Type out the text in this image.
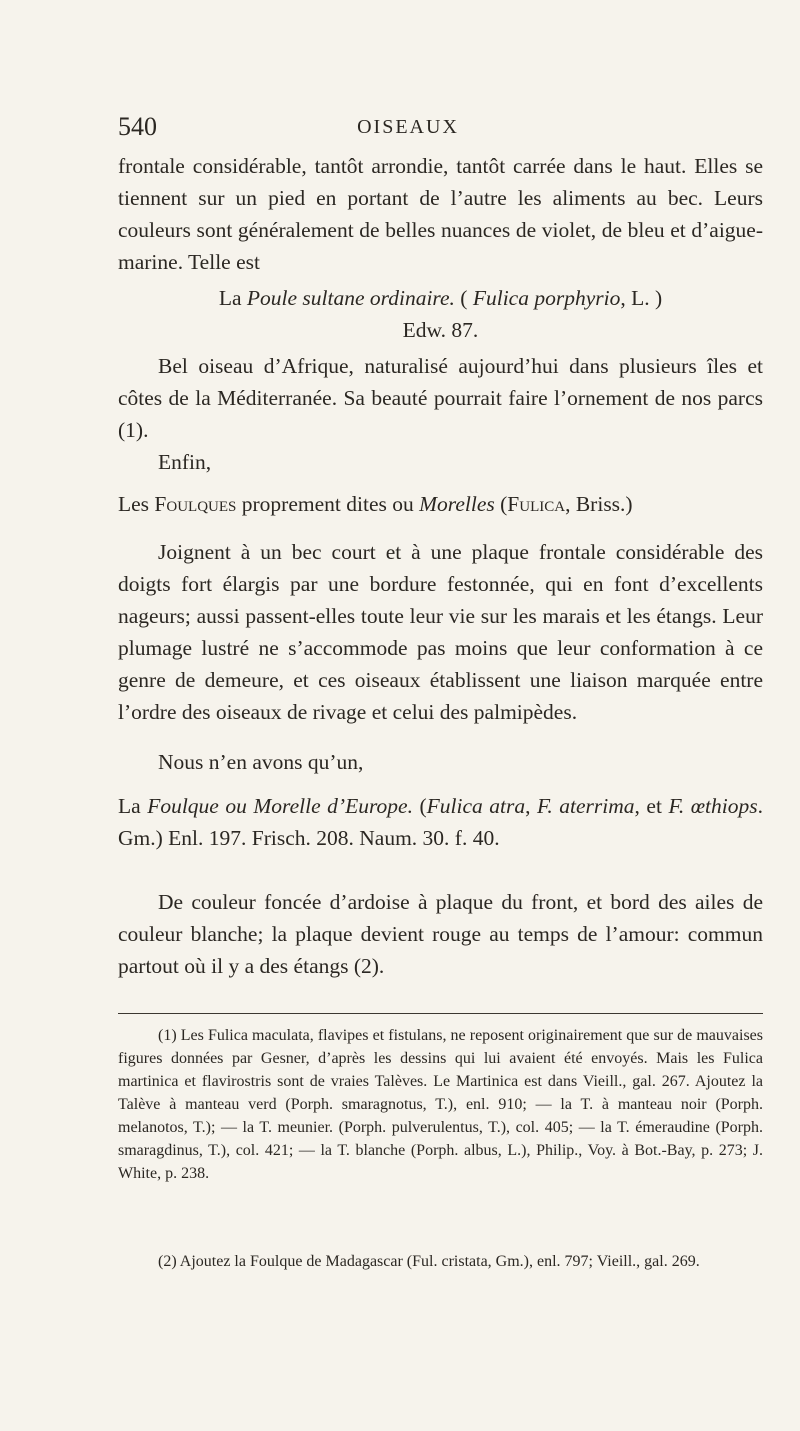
540	OISEAUX

frontale considérable, tantôt arrondie, tantôt carrée dans le haut. Elles se tiennent sur un pied en portant de l’autre les aliments au bec. Leurs couleurs sont généralement de belles nuances de violet, de bleu et d’aigue-marine. Telle est

La Poule sultane ordinaire. ( Fulica porphyrio, L. )
Edw. 87.

Bel oiseau d’Afrique, naturalisé aujourd’hui dans plusieurs îles et côtes de la Méditerranée. Sa beauté pourrait faire l’ornement de nos parcs (1).

Enfin,

Les Foulques proprement dites ou Morelles (Fulica, Briss.)

Joignent à un bec court et à une plaque frontale considérable des doigts fort élargis par une bordure festonnée, qui en font d’excellents nageurs; aussi passent-elles toute leur vie sur les marais et les étangs. Leur plumage lustré ne s’accommode pas moins que leur conformation à ce genre de demeure, et ces oiseaux établissent une liaison marquée entre l’ordre des oiseaux de rivage et celui des palmipèdes.

Nous n’en avons qu’un,

La Foulque ou Morelle d’Europe. (Fulica atra, F. aterrima, et F. œthiops. Gm.) Enl. 197. Frisch. 208. Naum. 30. f. 40.

De couleur foncée d’ardoise à plaque du front, et bord des ailes de couleur blanche; la plaque devient rouge au temps de l’amour: commun partout où il y a des étangs (2).

(1) Les Fulica maculata, flavipes et fistulans, ne reposent originairement que sur de mauvaises figures données par Gesner, d’après les dessins qui lui avaient été envoyés. Mais les Fulica martinica et flavirostris sont de vraies Talèves. Le Martinica est dans Vieill., gal. 267. Ajoutez la Talève à manteau verd (Porph. smaragnotus, T.), enl. 910; — la T. à manteau noir (Porph. melanotos, T.); — la T. meunier. (Porph. pulverulentus, T.), col. 405; — la T. émeraudine (Porph. smaragdinus, T.), col. 421; — la T. blanche (Porph. albus, L.), Philip., Voy. à Bot.-Bay, p. 273; J. White, p. 238.

(2) Ajoutez la Foulque de Madagascar (Ful. cristata, Gm.), enl. 797; Vieill., gal. 269.
